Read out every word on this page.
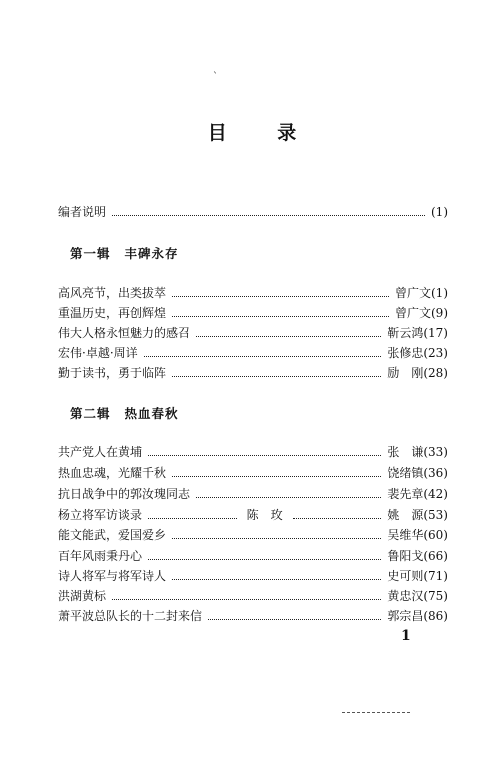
ˋ
目 录
编者说明	(1)
第一辑 丰碑永存
高风亮节，出类拔萃	曾广文 (1)
重温历史，再创辉煌	曾广文 (9)
伟大人格永恒魅力的感召	靳云鸿 (17)
宏伟·卓越·周详	张修忠 (23)
勤于读书，勇于临阵	励　刚 (28)
第二辑 热血春秋
共产党人在黄埔	张　谦 (33)
热血忠魂，光耀千秋	饶绪镇 (36)
抗日战争中的郭汝瑰同志	裴先章 (42)
杨立将军访谈录	陈　玫	姚　源 (53)
能文能武，爱国爱乡	吴维华 (60)
百年风雨秉丹心	鲁阳戈 (66)
诗人将军与将军诗人	史可则 (71)
洪湖黄标	黄忠汉 (75)
萧平波总队长的十二封来信	郭宗昌 (86)
1
